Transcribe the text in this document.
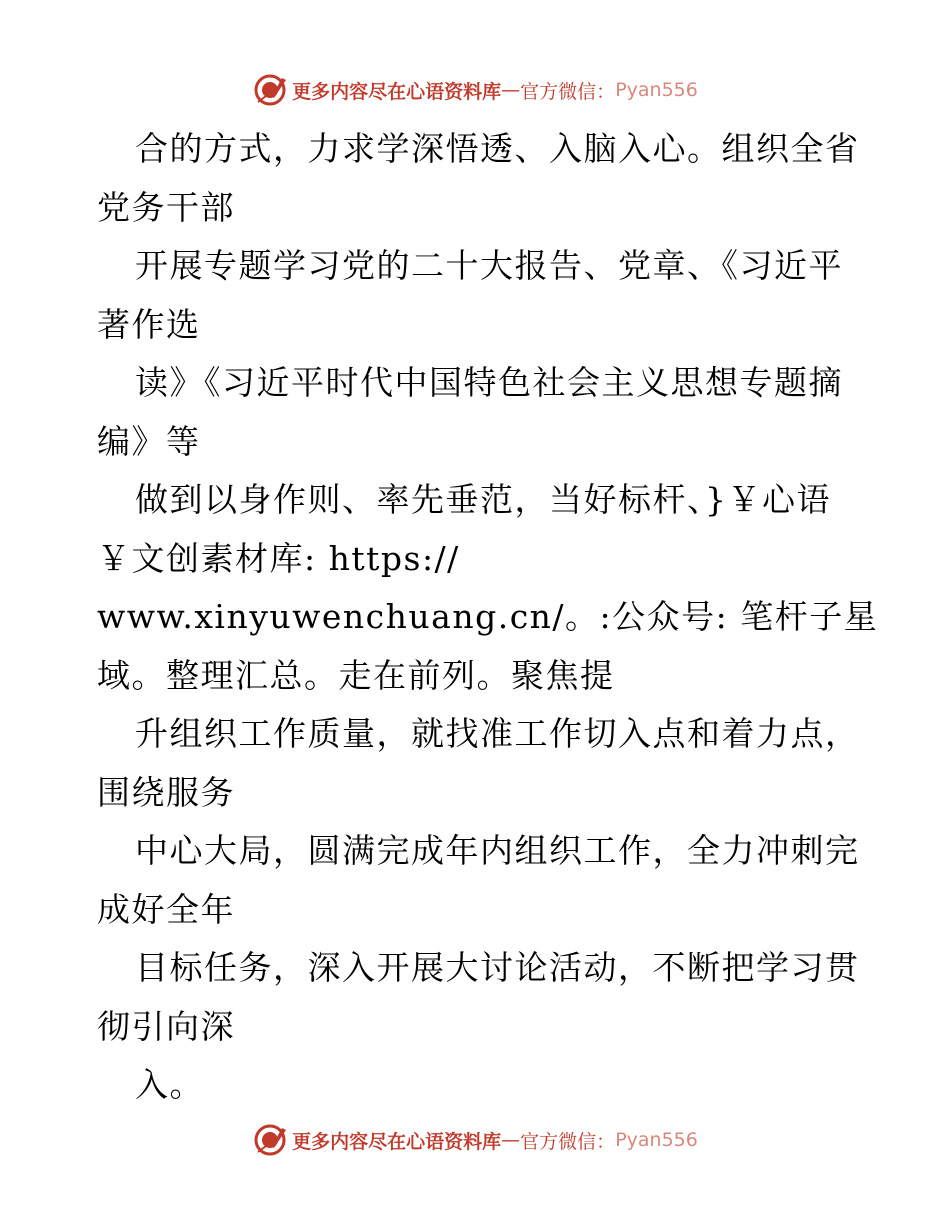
更多内容尽在心语资料库 — 官方微信： Pyan556
合的方式，力求学深悟透、入脑入心。组织全省
党务干部
开展专题学习党的二十大报告、党章、《习近平
著作选
读》《习近平时代中国特色社会主义思想专题摘
编》等
做到以身作则、率先垂范，当好标杆、}￥心语
￥文创素材库: https://
www.xinyuwenchuang.cn/。:公众号: 笔杆子星
域。整理汇总。走在前列。聚焦提
升组织工作质量，就找准工作切入点和着力点，
围绕服务
中心大局，圆满完成年内组织工作，全力冲刺完
成好全年
目标任务，深入开展大讨论活动，不断把学习贯
彻引向深
入。
更多内容尽在心语资料库 — 官方微信： Pyan556
